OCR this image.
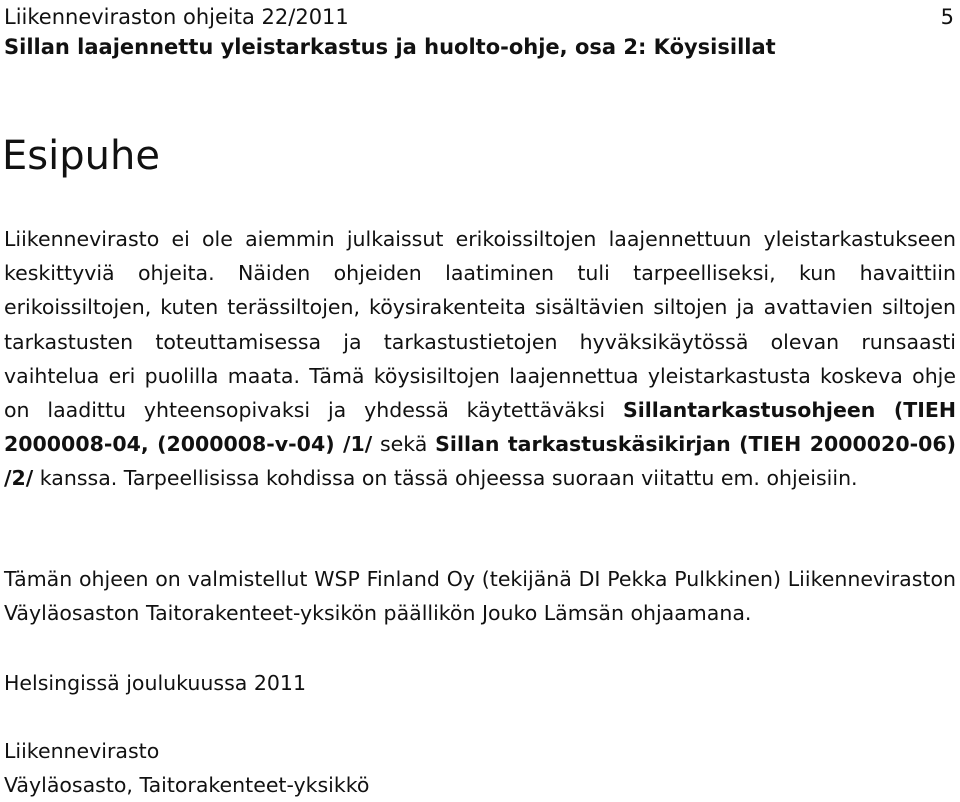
Liikenneviraston ohjeita 22/2011
Sillan laajennettu yleistarkastus ja huolto-ohje, osa 2: Köysisillat
5
Esipuhe

Liikennevirasto ei ole aiemmin julkaissut erikoissiltojen laajennettuun yleistarkastukseen keskittyviä ohjeita. Näiden ohjeiden laatiminen tuli tarpeelliseksi, kun havaittiin erikoissiltojen, kuten terässiltojen, köysirakenteita sisältävien siltojen ja avattavien siltojen tarkastusten toteuttamisessa ja tarkastustietojen hyväksikäytössä olevan runsaasti vaihtelua eri puolilla maata. Tämä köysisiltojen laajennettua yleistarkastusta koskeva ohje on laadittu yhteensopivaksi ja yhdessä käytettäväksi Sillantarkastusohjeen (TIEH 2000008-04, (2000008-v-04) /1/ sekä Sillan tarkastuskäsikirjan (TIEH 2000020-06) /2/ kanssa. Tarpeellisissa kohdissa on tässä ohjeessa suoraan viitattu em. ohjeisiin.

Tämän ohjeen on valmistellut WSP Finland Oy (tekijänä DI Pekka Pulkkinen) Liikenneviraston Väyläosaston Taitorakenteet-yksikön päällikön Jouko Lämsän ohjaamana.

Helsingissä joulukuussa 2011

Liikennevirasto
Väyläosasto, Taitorakenteet-yksikkö
